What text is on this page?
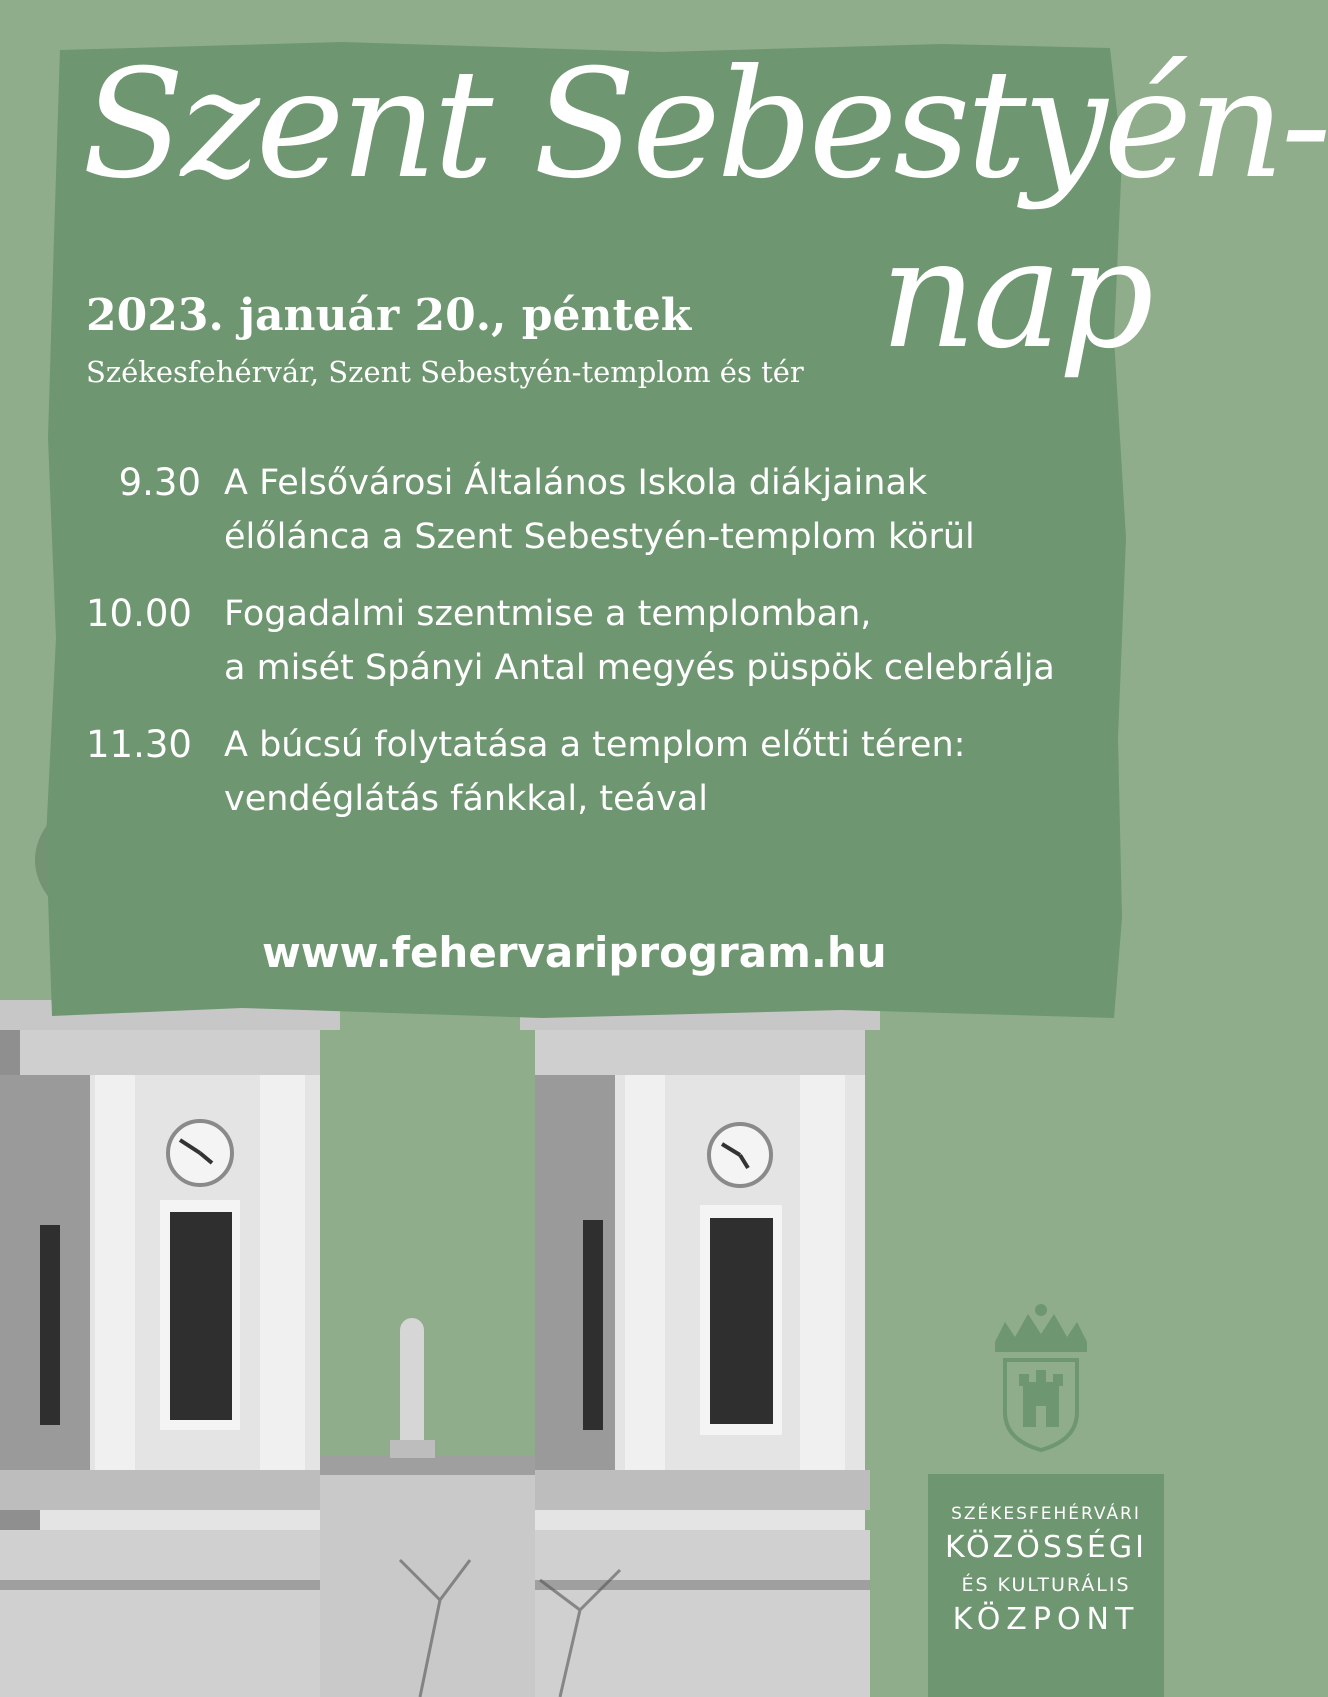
Szent Sebestyén-
nap
2023. január 20., péntek
Székesfehérvár, Szent Sebestyén-templom és tér
9.30 A Felsővárosi Általános Iskola diákjainak
élőlánca a Szent Sebestyén-templom körül
10.00 Fogadalmi szentmise a templomban,
a misét Spányi Antal megyés püspök celebrálja
11.30 A búcsú folytatása a templom előtti téren:
vendéglátás fánkkal, teával
www.fehervariprogram.hu
SZÉKESFEHÉRVÁRI
KÖZÖSSÉGI
ÉS KULTURÁLIS
KÖZPONT
